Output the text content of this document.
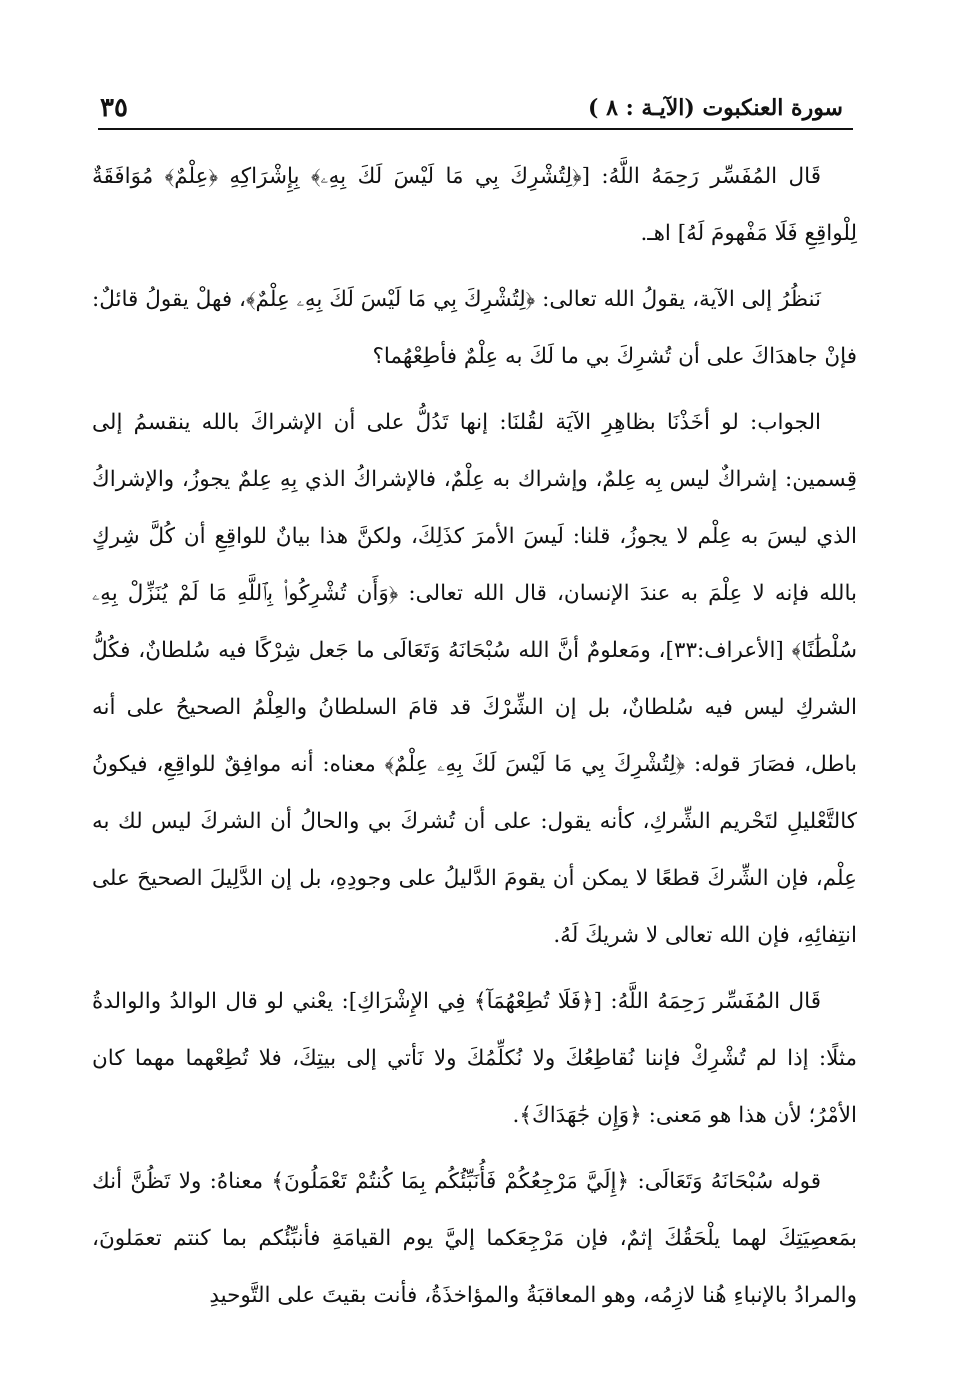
سورة العنكبوت (الآيـة : ٨ )
٣٥

قَال المُفَسِّر رَحِمَهُ اللَّهُ: [﴿لِتُشْرِكَ بِي مَا لَيْسَ لَكَ بِهِۦ﴾ بِإِشْرَاكِهِ ﴿عِلْمٌ﴾ مُوَافَقَةٌ لِلْواقِعِ فَلَا مَفْهومَ لَهُ] اهـ.

نَنظُرُ إلى الآية، يقولُ الله تعالى: ﴿لِتُشْرِكَ بِي مَا لَيْسَ لَكَ بِهِۦ عِلْمٌ﴾، فهلْ يقولُ قائلٌ: فإنْ جاهدَاكَ على أن تُشرِكَ بي ما لَكَ به عِلْمٌ فأطِعْهُما؟

الجواب: لو أخَذْنَا بظاهِرِ الآيَة لقُلنَا: إنها تَدُلُّ على أن الإشراكَ بالله ينقسمُ إلى قِسمين: إشراكٌ ليس بِه عِلمٌ، وإشراك به عِلْمٌ، فالإشراكُ الذي بِهِ عِلمٌ يجوزُ، والإشراكُ الذي ليسَ به عِلْم لا يجوزُ، قلنا: لَيسَ الأمرَ كذَلِكَ، ولكنَّ هذا بيانٌ للواقِعِ أن كُلَّ شِركٍ بالله فإنه لا عِلْمَ به عندَ الإنسان، قال الله تعالى: ﴿وَأَن تُشْرِكُوا۟ بِٱللَّهِ مَا لَمْ يُنَزِّلْ بِهِۦ سُلْطَٰنًا﴾ [الأعراف:٣٣]، ومَعلومٌ أنَّ الله سُبْحَانَهُ وَتَعَالَى ما جَعل شِرْكًا فيه سُلطانٌ، فكُلُّ الشركِ ليس فيه سُلطانٌ، بل إن الشِّرْكَ قد قامَ السلطانُ والعِلْمُ الصحيحُ على أنه باطل، فصَارَ قوله: ﴿لِتُشْرِكَ بِي مَا لَيْسَ لَكَ بِهِۦ عِلْمٌ﴾ معناه: أنه موافِقٌ للواقِعِ، فيكونُ كالتَّعْليلِ لتَحْريم الشِّركِ، كأنه يقول: على أن تُشركَ بي والحالُ أن الشركَ ليس لك به عِلْم، فإن الشِّركَ قطعًا لا يمكن أن يقومَ الدَّليلُ على وجودِهِ، بل إن الدَّلِيلَ الصحيحَ على انتِفائِهِ، فإن الله تعالى لا شريكَ لَهُ.

قَال المُفَسِّر رَحِمَهُ اللَّهُ: [﴿فَلَا تُطِعْهُمَآ﴾ فِي الإِشْرَاكِ]: يعْني لو قال الوالدُ والوالدةُ مثلًا: إذا لم تُشْرِكْ فإننا نُقاطِعُكَ ولا نُكلِّمُكَ ولا نَأتي إلى بيتِكَ، فلا تُطِعْهما مهما كان الأمْرُ؛ لأن هذا هو مَعنى: ﴿وَإِن جَٰهَدَاكَ﴾.

قوله سُبْحَانَهُ وَتَعَالَى: ﴿إِلَيَّ مَرْجِعُكُمْ فَأُنَبِّئُكُم بِمَا كُنتُمْ تَعْمَلُونَ﴾ معناهُ: ولا تَظُنَّ أنك بمَعصِيَتِكَ لهما يلْحَقُكَ إثمٌ، فإن مَرْجِعَكما إليَّ يوم القيامَةِ فأنبِّئُكم بما كنتم تعمَلونَ، والمرادُ بالإنباءِ هُنا لازِمُه، وهو المعاقبَةُ والمؤاخذَةُ، فأنت بقيتَ على التَّوحيدِ
